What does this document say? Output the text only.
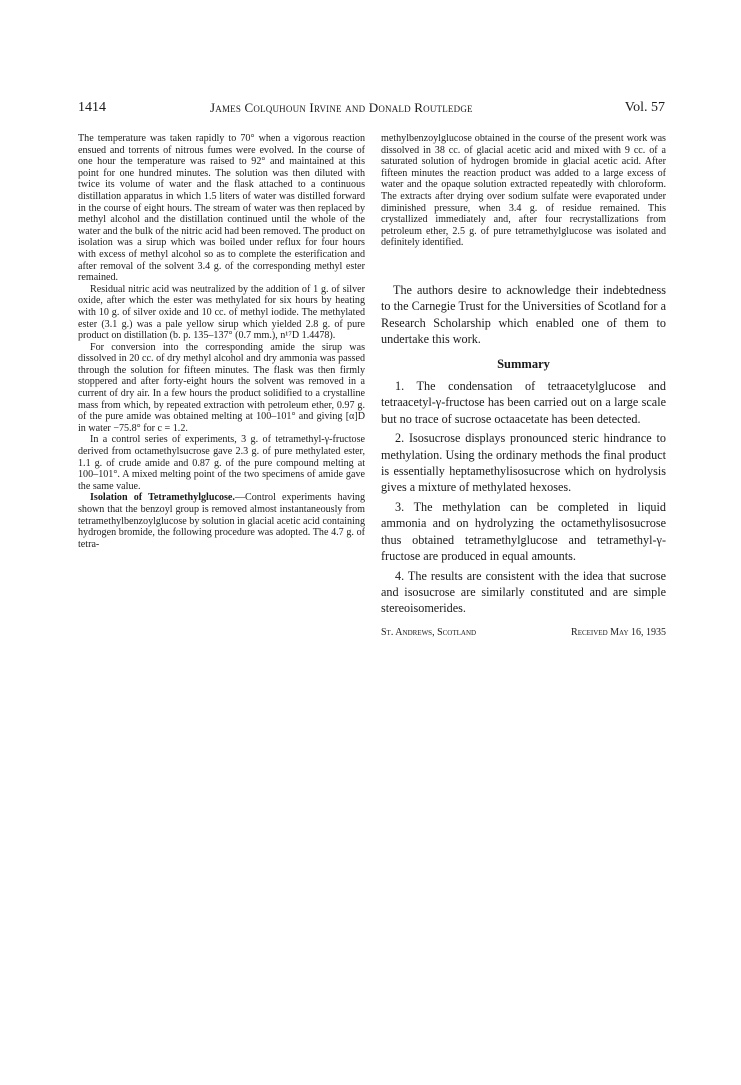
1414	James Colquhoun Irvine and Donald Routledge	Vol. 57

The temperature was taken rapidly to 70° when a vigorous reaction ensued and torrents of nitrous fumes were evolved. In the course of one hour the temperature was raised to 92° and maintained at this point for one hundred minutes. The solution was then diluted with twice its volume of water and the flask attached to a continuous distillation apparatus in which 1.5 liters of water was distilled forward in the course of eight hours. The stream of water was then replaced by methyl alcohol and the distillation continued until the whole of the water and the bulk of the nitric acid had been removed. The product on isolation was a sirup which was boiled under reflux for four hours with excess of methyl alcohol so as to complete the esterification and after removal of the solvent 3.4 g. of the corresponding methyl ester remained.

Residual nitric acid was neutralized by the addition of 1 g. of silver oxide, after which the ester was methylated for six hours by heating with 10 g. of silver oxide and 10 cc. of methyl iodide. The methylated ester (3.1 g.) was a pale yellow sirup which yielded 2.8 g. of pure product on distillation (b. p. 135–137° (0.7 mm.), n¹⁷D 1.4478).

For conversion into the corresponding amide the sirup was dissolved in 20 cc. of dry methyl alcohol and dry ammonia was passed through the solution for fifteen minutes. The flask was then firmly stoppered and after forty-eight hours the solvent was removed in a current of dry air. In a few hours the product solidified to a crystalline mass from which, by repeated extraction with petroleum ether, 0.97 g. of the pure amide was obtained melting at 100–101° and giving [α]D in water −75.8° for c = 1.2.

In a control series of experiments, 3 g. of tetramethyl-γ-fructose derived from octamethylsucrose gave 2.3 g. of pure methylated ester, 1.1 g. of crude amide and 0.87 g. of the pure compound melting at 100–101°. A mixed melting point of the two specimens of amide gave the same value.

Isolation of Tetramethylglucose.—Control experiments having shown that the benzoyl group is removed almost instantaneously from tetramethylbenzoylglucose by solution in glacial acetic acid containing hydrogen bromide, the following procedure was adopted. The 4.7 g. of tetra-

methylbenzoylglucose obtained in the course of the present work was dissolved in 38 cc. of glacial acetic acid and mixed with 9 cc. of a saturated solution of hydrogen bromide in glacial acetic acid. After fifteen minutes the reaction product was added to a large excess of water and the opaque solution extracted repeatedly with chloroform. The extracts after drying over sodium sulfate were evaporated under diminished pressure, when 3.4 g. of residue remained. This crystallized immediately and, after four recrystallizations from petroleum ether, 2.5 g. of pure tetramethylglucose was isolated and definitely identified.

The authors desire to acknowledge their indebtedness to the Carnegie Trust for the Universities of Scotland for a Research Scholarship which enabled one of them to undertake this work.

Summary

1. The condensation of tetraacetylglucose and tetraacetyl-γ-fructose has been carried out on a large scale but no trace of sucrose octaacetate has been detected.

2. Isosucrose displays pronounced steric hindrance to methylation. Using the ordinary methods the final product is essentially heptamethylisosucrose which on hydrolysis gives a mixture of methylated hexoses.

3. The methylation can be completed in liquid ammonia and on hydrolyzing the octamethylisosucrose thus obtained tetramethylglucose and tetramethyl-γ-fructose are produced in equal amounts.

4. The results are consistent with the idea that sucrose and isosucrose are similarly constituted and are simple stereoisomerides.

St. Andrews, Scotland	Received May 16, 1935
